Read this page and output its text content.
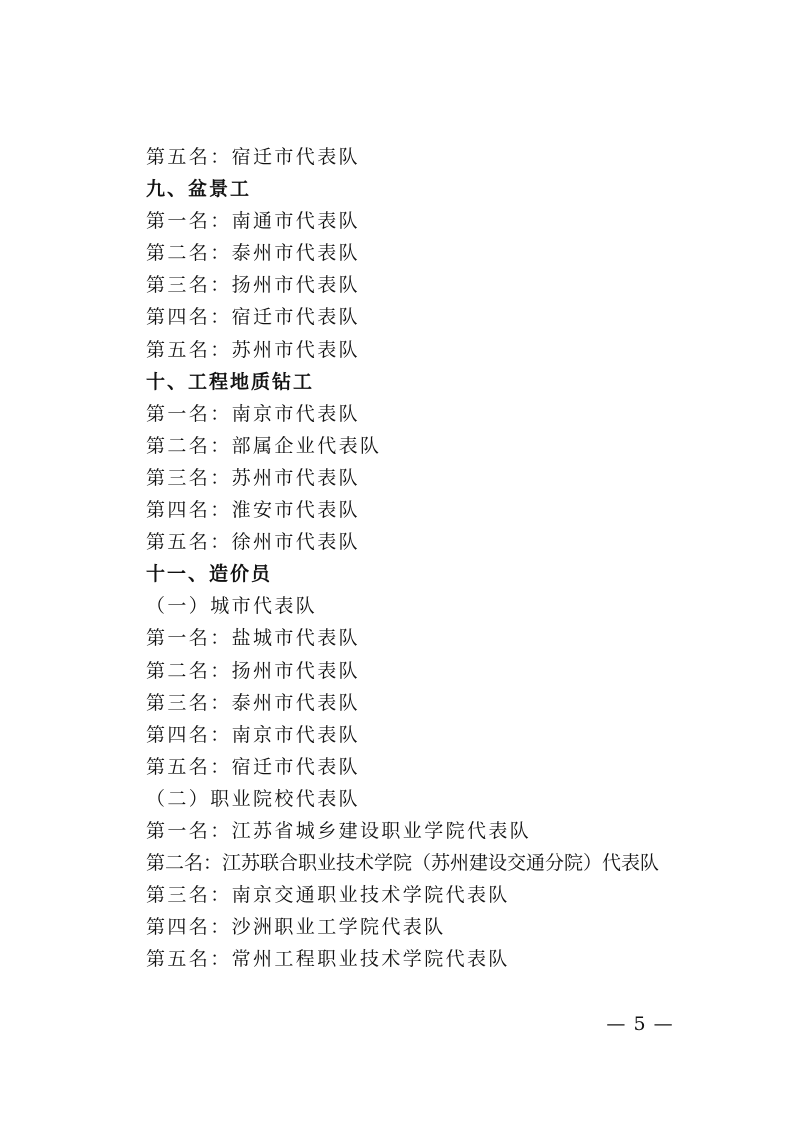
第五名：宿迁市代表队
九、盆景工
第一名：南通市代表队
第二名：泰州市代表队
第三名：扬州市代表队
第四名：宿迁市代表队
第五名：苏州市代表队
十、工程地质钻工
第一名：南京市代表队
第二名：部属企业代表队
第三名：苏州市代表队
第四名：淮安市代表队
第五名：徐州市代表队
十一、造价员
（一）城市代表队
第一名：盐城市代表队
第二名：扬州市代表队
第三名：泰州市代表队
第四名：南京市代表队
第五名：宿迁市代表队
（二）职业院校代表队
第一名：江苏省城乡建设职业学院代表队
第二名：江苏联合职业技术学院（苏州建设交通分院）代表队
第三名：南京交通职业技术学院代表队
第四名：沙洲职业工学院代表队
第五名：常州工程职业技术学院代表队
— 5 —
